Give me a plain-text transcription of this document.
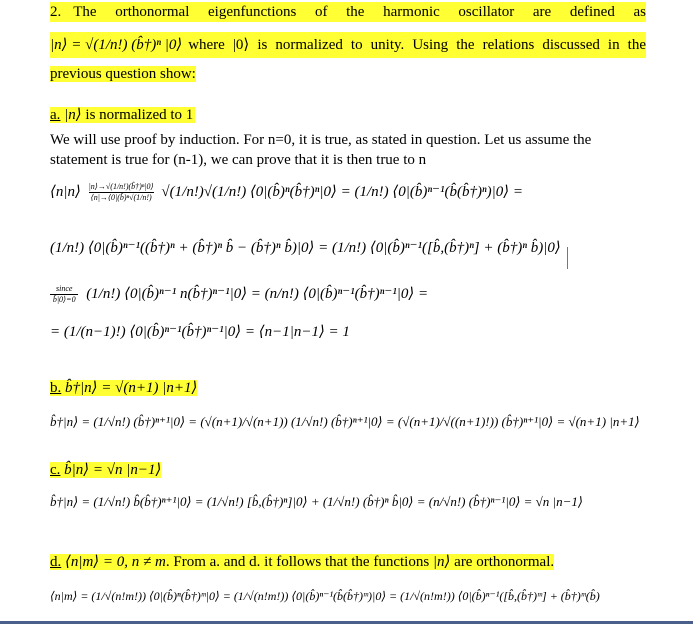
2. The orthonormal eigenfunctions of the harmonic oscillator are defined as
|n⟩ = √(1/n!) (b̂†)ⁿ |0⟩ where |0⟩ is normalized to unity. Using the relations discussed in the
previous question show:
a. |n⟩ is normalized to 1
We will use proof by induction. For n=0, it is true, as stated in question. Let us assume the
statement is true for (n-1), we can prove that it is then true to n
⟨n|n⟩ $\frac{\text{|n⟩→√(1/n!)(b̂†)ⁿ|0⟩}}{\text{⟨n|→⟨0|(b̂)ⁿ√(1/n!)}} √(1/n!)√(1/n!)$ ⟨0|(b̂)ⁿ(b̂†)ⁿ|0⟩ = (1/n!) ⟨0|(b̂)ⁿ⁻¹(b̂(b̂†)ⁿ)|0⟩ =
(1/n!) ⟨0|(b̂)ⁿ⁻¹((b̂†)ⁿ + (b̂†)ⁿ b̂ − (b̂†)ⁿ b̂)|0⟩ = (1/n!) ⟨0|(b̂)ⁿ⁻¹([b̂,(b̂†)ⁿ] + (b̂†)ⁿ b̂)|0⟩
$\frac{\text{since}}{b̂|0⟩=0} (1/n!)$ ⟨0|(b̂)ⁿ⁻¹ n(b̂†)ⁿ⁻¹|0⟩ = (n/n!) ⟨0|(b̂)ⁿ⁻¹(b̂†)ⁿ⁻¹|0⟩ =
= (1/(n−1)!) ⟨0|(b̂)ⁿ⁻¹(b̂†)ⁿ⁻¹|0⟩ = ⟨n−1|n−1⟩ = 1
b. b̂†|n⟩ = √(n+1) |n+1⟩
b̂†|n⟩ = (1/√n!) (b̂†)ⁿ⁺¹|0⟩ = (√(n+1)/√(n+1)) (1/√n!) (b̂†)ⁿ⁺¹|0⟩ = (√(n+1)/√((n+1)!)) (b̂†)ⁿ⁺¹|0⟩ = √(n+1) |n+1⟩
c. b̂|n⟩ = √n |n−1⟩
b̂†|n⟩ = (1/√n!) b̂(b̂†)ⁿ⁺¹|0⟩ = (1/√n!) [b̂,(b̂†)ⁿ]|0⟩ + (1/√n!) (b̂†)ⁿ b̂|0⟩ = (n/√n!) (b̂†)ⁿ⁻¹|0⟩ = √n |n−1⟩
d. ⟨n|m⟩ = 0, n ≠ m. From a. and d. it follows that the functions |n⟩ are orthonormal.
⟨n|m⟩ = (1/√(n!m!)) ⟨0|(b̂)ⁿ(b̂†)ᵐ|0⟩ = (1/√(n!m!)) ⟨0|(b̂)ⁿ⁻¹(b̂(b̂†)ᵐ)|0⟩ = (1/√(n!m!)) ⟨0|(b̂)ⁿ⁻¹([b̂,(b̂†)ᵐ] + (b̂†)ᵐ(b̂)
